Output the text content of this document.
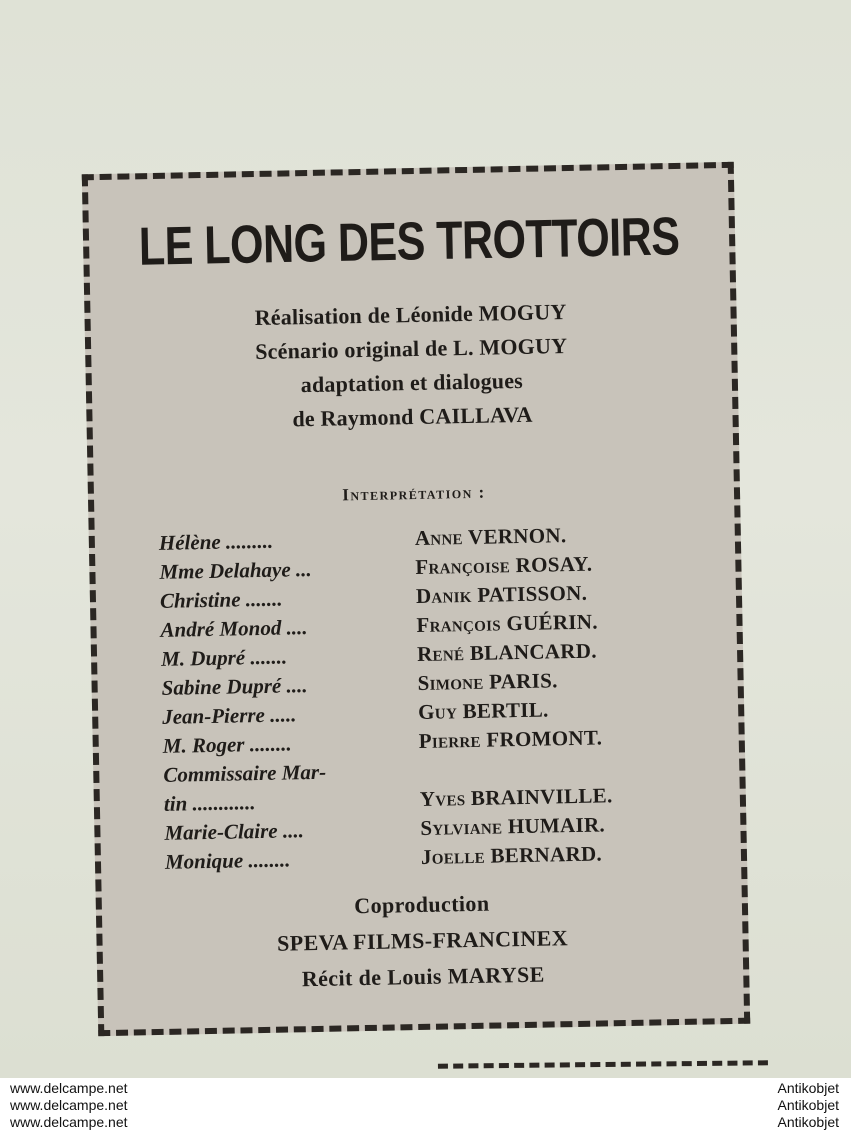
LE LONG DES TROTTOIRS
Réalisation de Léonide MOGUY
Scénario original de L. MOGUY
adaptation et dialogues
de Raymond CAILLAVA
Interprétation :
Hélène .........	Anne VERNON.
Mme Delahaye ...	Françoise ROSAY.
Christine .......	Danik PATISSON.
André Monod ....	François GUÉRIN.
M. Dupré .......	René BLANCARD.
Sabine Dupré ....	Simone PARIS.
Jean-Pierre .....	Guy BERTIL.
M. Roger ........	Pierre FROMONT.
Commissaire Mar-
tin ............	Yves BRAINVILLE.
Marie-Claire ....	Sylviane HUMAIR.
Monique ........	Joelle BERNARD.
Coproduction
SPEVA FILMS-FRANCINEX
Récit de Louis MARYSE
www.delcampe.net
www.delcampe.net
www.delcampe.net
Antikobjet
Antikobjet
Antikobjet
